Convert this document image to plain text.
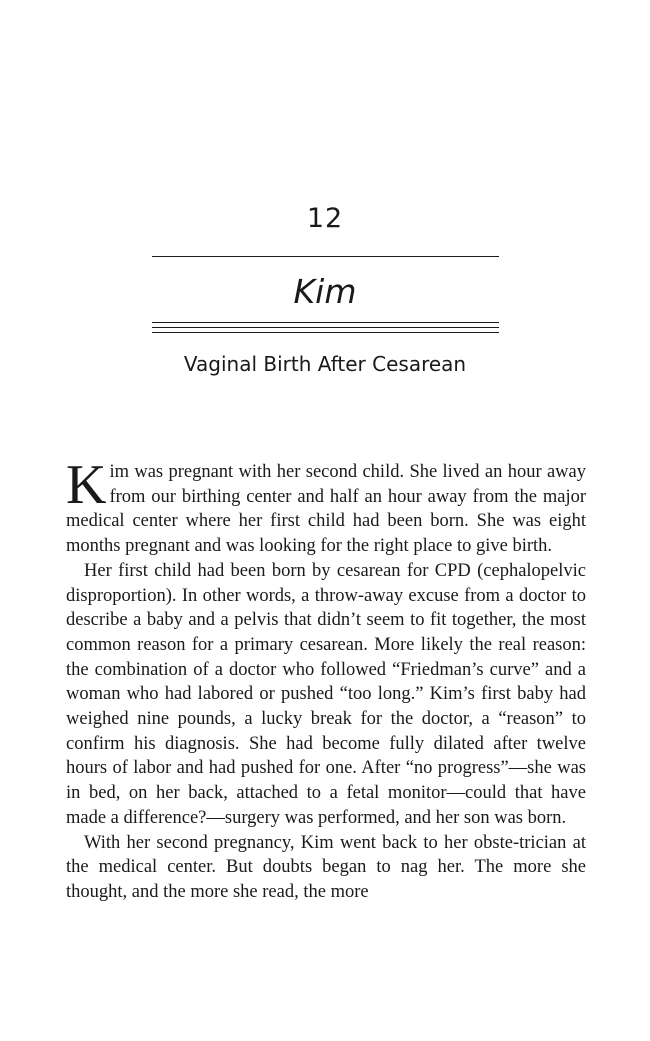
12
Kim
Vaginal Birth After Cesarean

Kim was pregnant with her second child. She lived an hour away from our birthing center and half an hour away from the major medical center where her first child had been born. She was eight months pregnant and was looking for the right place to give birth.

Her first child had been born by cesarean for CPD (cephalopelvic disproportion). In other words, a throw-away excuse from a doctor to describe a baby and a pelvis that didn’t seem to fit together, the most common reason for a primary cesarean. More likely the real reason: the combination of a doctor who followed “Friedman’s curve” and a woman who had labored or pushed “too long.” Kim’s first baby had weighed nine pounds, a lucky break for the doctor, a “reason” to confirm his diagnosis. She had become fully dilated after twelve hours of labor and had pushed for one. After “no progress”—she was in bed, on her back, attached to a fetal monitor—could that have made a difference?—surgery was performed, and her son was born.

With her second pregnancy, Kim went back to her obste-trician at the medical center. But doubts began to nag her. The more she thought, and the more she read, the more
